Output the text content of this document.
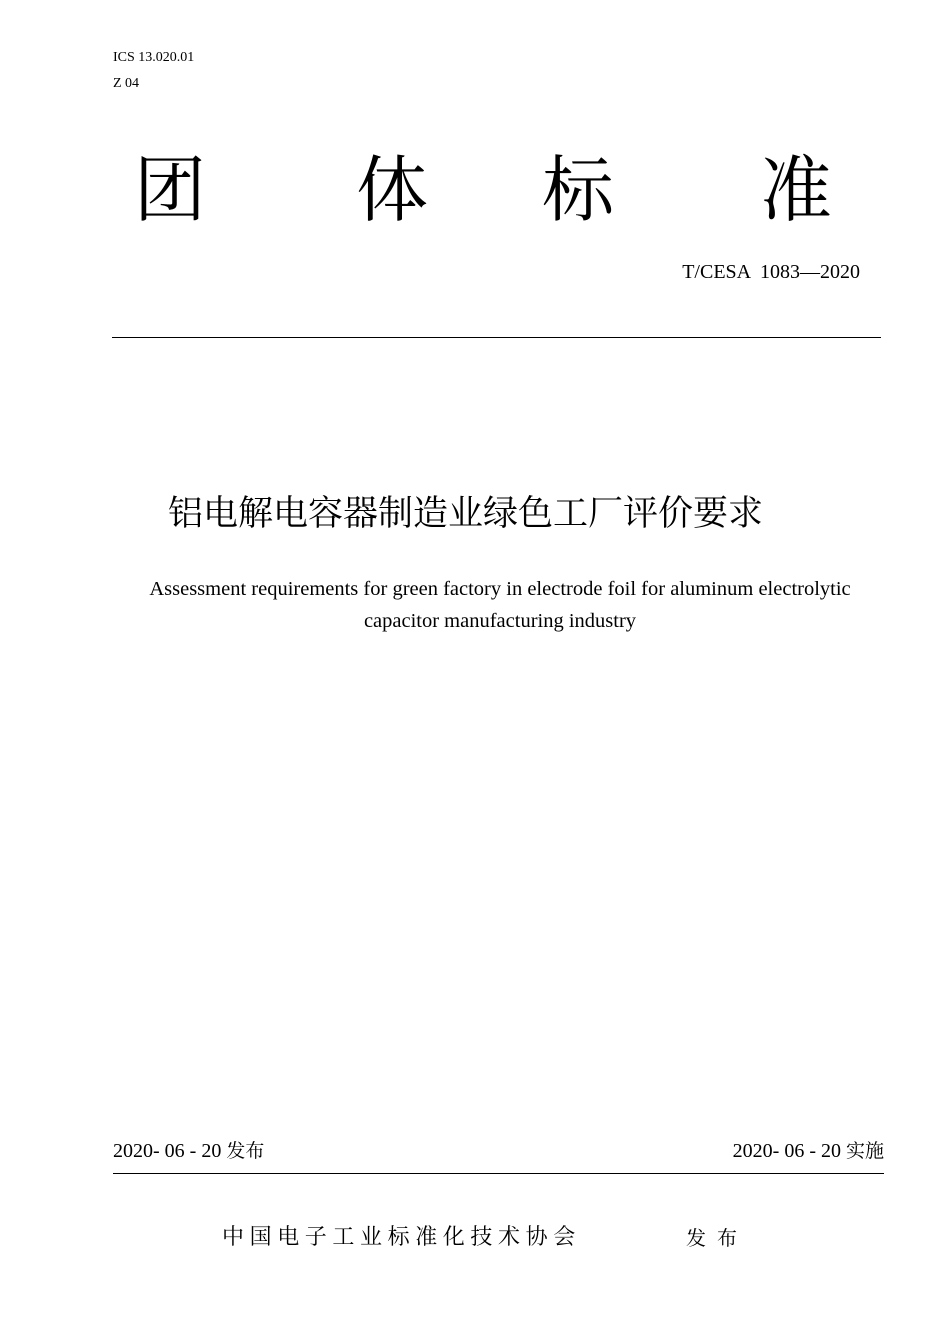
ICS 13.020.01
Z 04
团 体 标 准
T/CESA  1083—2020
铝电解电容器制造业绿色工厂评价要求
Assessment requirements for green factory in electrode foil for aluminum electrolytic
capacitor manufacturing industry
2020- 06 - 20 发布	2020- 06 - 20 实施
中国电子工业标准化技术协会	发布
